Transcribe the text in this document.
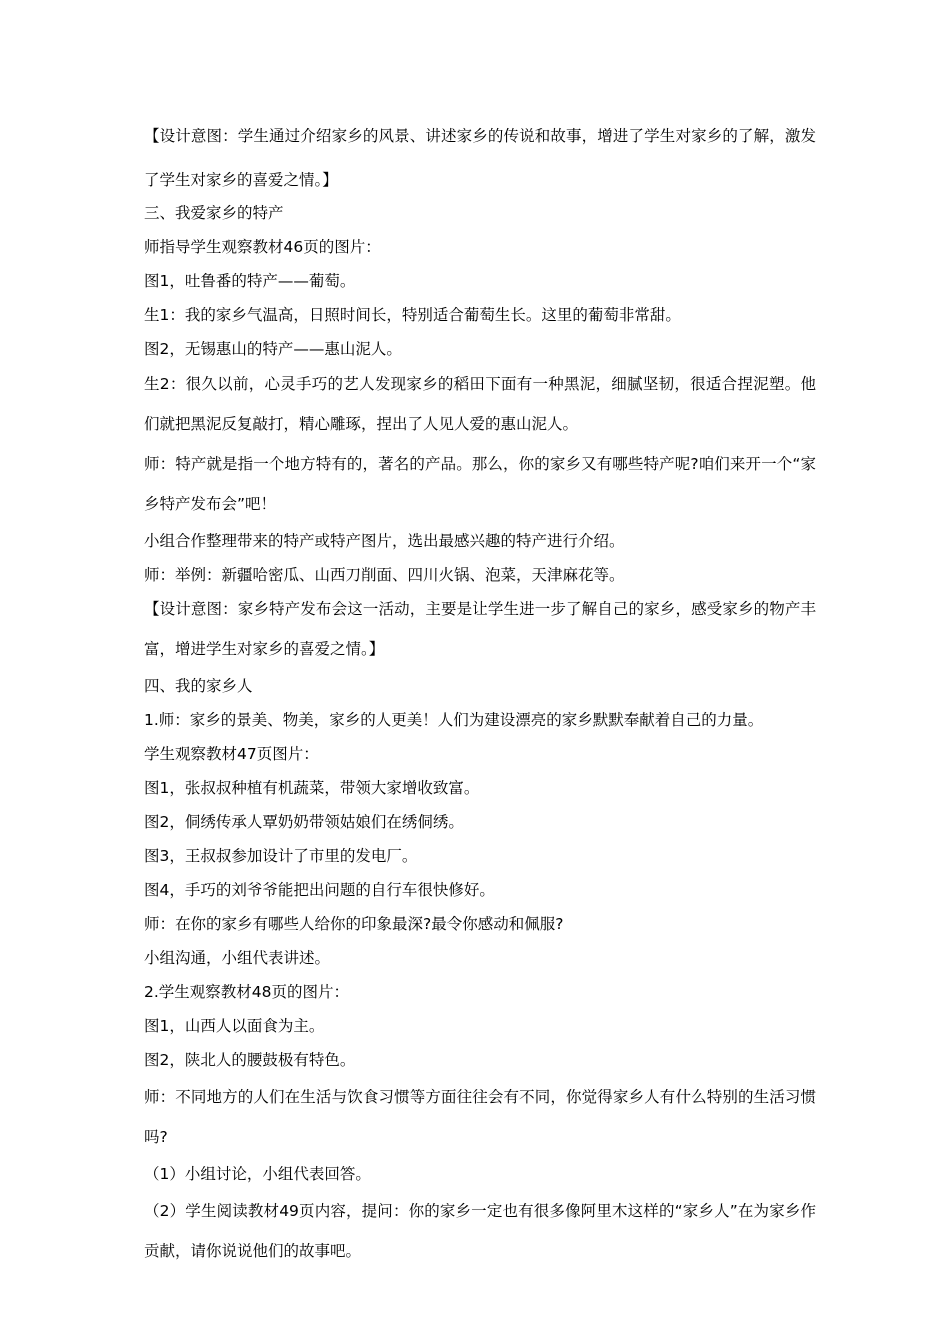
【设计意图：学生通过介绍家乡的风景、讲述家乡的传说和故事，增进了学生对家乡的了解，激发了学生对家乡的喜爱之情。】

三、我爱家乡的特产

师指导学生观察教材46页的图片：

图1，吐鲁番的特产——葡萄。

生1：我的家乡气温高，日照时间长，特别适合葡萄生长。这里的葡萄非常甜。

图2，无锡惠山的特产——惠山泥人。

生2：很久以前，心灵手巧的艺人发现家乡的稻田下面有一种黑泥，细腻坚韧，很适合捏泥塑。他们就把黑泥反复敲打，精心雕琢，捏出了人见人爱的惠山泥人。

师：特产就是指一个地方特有的，著名的产品。那么，你的家乡又有哪些特产呢?咱们来开一个“家乡特产发布会”吧！

小组合作整理带来的特产或特产图片，选出最感兴趣的特产进行介绍。

师：举例：新疆哈密瓜、山西刀削面、四川火锅、泡菜，天津麻花等。

【设计意图：家乡特产发布会这一活动，主要是让学生进一步了解自己的家乡，感受家乡的物产丰富，增进学生对家乡的喜爱之情。】

四、我的家乡人

1.师：家乡的景美、物美，家乡的人更美！人们为建设漂亮的家乡默默奉献着自己的力量。

学生观察教材47页图片：

图1，张叔叔种植有机蔬菜，带领大家增收致富。

图2，侗绣传承人覃奶奶带领姑娘们在绣侗绣。

图3，王叔叔参加设计了市里的发电厂。

图4，手巧的刘爷爷能把出问题的自行车很快修好。

师：在你的家乡有哪些人给你的印象最深?最令你感动和佩服?

小组沟通，小组代表讲述。

2.学生观察教材48页的图片：

图1，山西人以面食为主。

图2，陕北人的腰鼓极有特色。

师：不同地方的人们在生活与饮食习惯等方面往往会有不同，你觉得家乡人有什么特别的生活习惯吗?

（1）小组讨论，小组代表回答。

（2）学生阅读教材49页内容，提问：你的家乡一定也有很多像阿里木这样的“家乡人”在为家乡作贡献，请你说说他们的故事吧。
